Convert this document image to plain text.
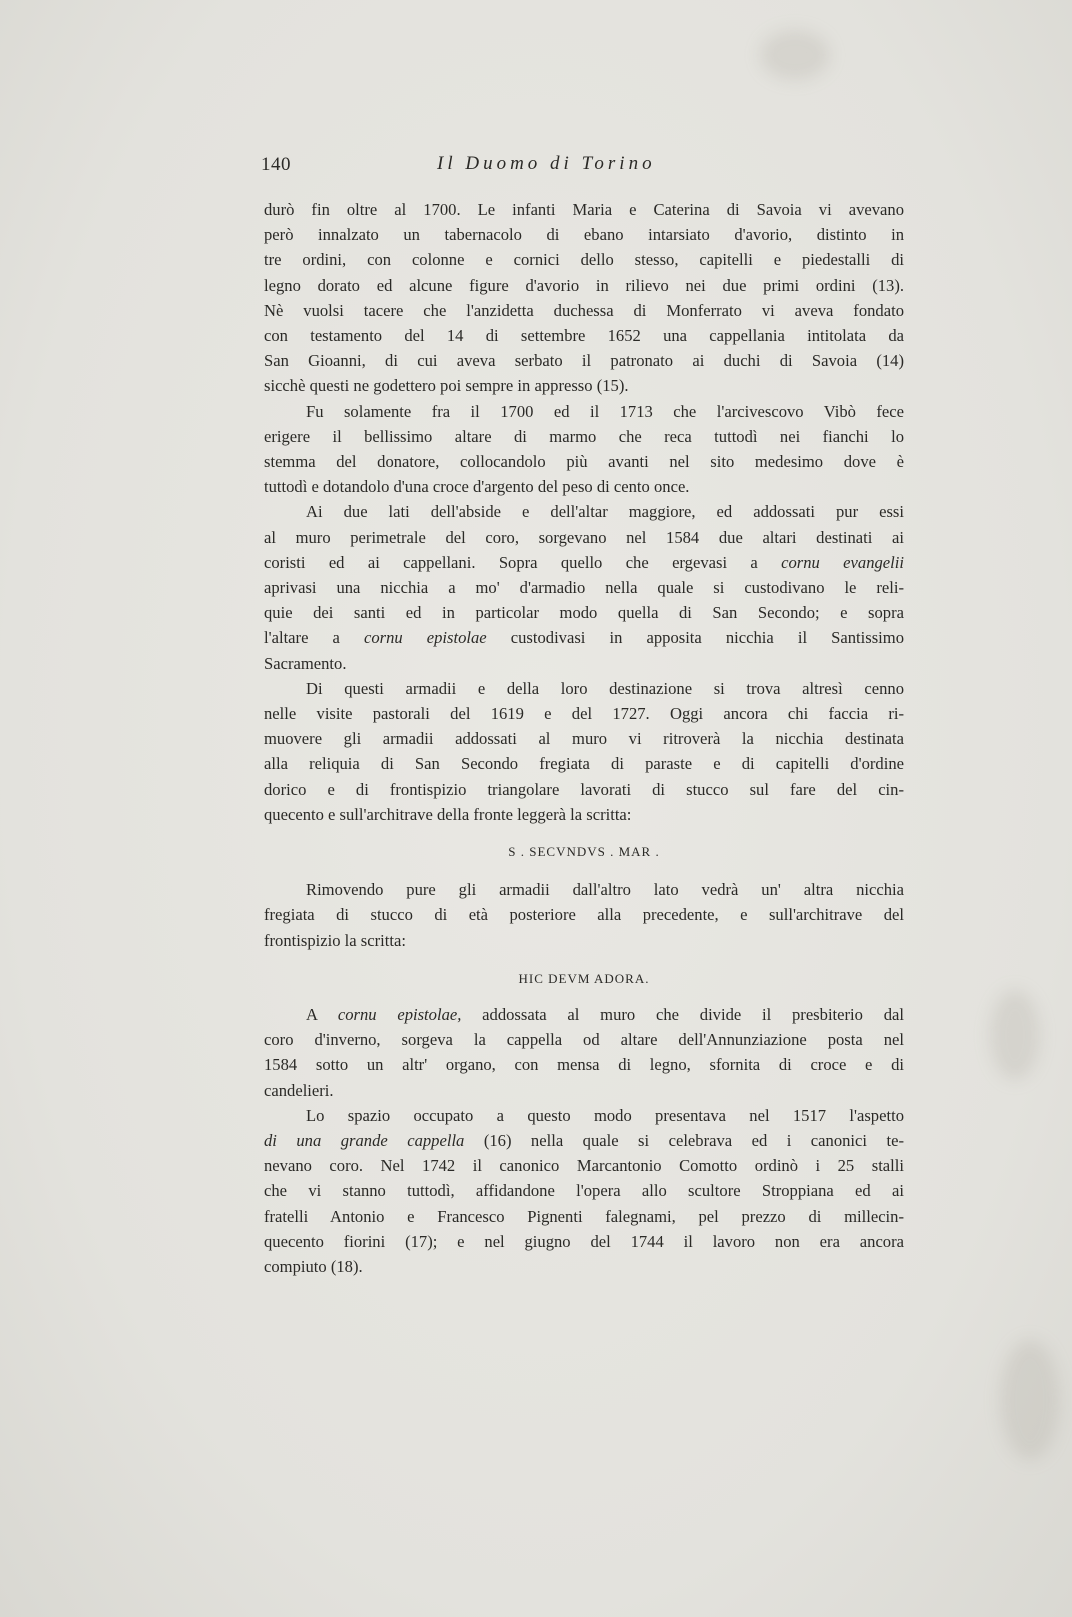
140	Il Duomo di Torino

durò fin oltre al 1700. Le infanti Maria e Caterina di Savoia vi avevano
però innalzato un tabernacolo di ebano intarsiato d'avorio, distinto in
tre ordini, con colonne e cornici dello stesso, capitelli e piedestalli di
legno dorato ed alcune figure d'avorio in rilievo nei due primi ordini (13).
Nè vuolsi tacere che l'anzidetta duchessa di Monferrato vi aveva fondato
con testamento del 14 di settembre 1652 una cappellania intitolata da
San Gioanni, di cui aveva serbato il patronato ai duchi di Savoia (14)
sicchè questi ne godettero poi sempre in appresso (15).

Fu solamente fra il 1700 ed il 1713 che l'arcivescovo Vibò fece
erigere il bellissimo altare di marmo che reca tuttodì nei fianchi lo
stemma del donatore, collocandolo più avanti nel sito medesimo dove è
tuttodì e dotandolo d'una croce d'argento del peso di cento once.

Ai due lati dell'abside e dell'altar maggiore, ed addossati pur essi
al muro perimetrale del coro, sorgevano nel 1584 due altari destinati ai
coristi ed ai cappellani. Sopra quello che ergevasi a cornu evangelii
aprivasi una nicchia a mo' d'armadio nella quale si custodivano le reli-
quie dei santi ed in particolar modo quella di San Secondo; e sopra
l'altare a cornu epistolae custodivasi in apposita nicchia il Santissimo
Sacramento.

Di questi armadii e della loro destinazione si trova altresì cenno
nelle visite pastorali del 1619 e del 1727. Oggi ancora chi faccia ri-
muovere gli armadii addossati al muro vi ritroverà la nicchia destinata
alla reliquia di San Secondo fregiata di paraste e di capitelli d'ordine
dorico e di frontispizio triangolare lavorati di stucco sul fare del cin-
quecento e sull'architrave della fronte leggerà la scritta:

S . SECVNDVS . MAR .

Rimovendo pure gli armadii dall'altro lato vedrà un' altra nicchia
fregiata di stucco di età posteriore alla precedente, e sull'architrave del
frontispizio la scritta:

HIC DEVM ADORA.

A cornu epistolae, addossata al muro che divide il presbiterio dal
coro d'inverno, sorgeva la cappella od altare dell'Annunziazione posta nel
1584 sotto un altr' organo, con mensa di legno, sfornita di croce e di
candelieri.

Lo spazio occupato a questo modo presentava nel 1517 l'aspetto
di una grande cappella (16) nella quale si celebrava ed i canonici te-
nevano coro. Nel 1742 il canonico Marcantonio Comotto ordinò i 25 stalli
che vi stanno tuttodì, affidandone l'opera allo scultore Stroppiana ed ai
fratelli Antonio e Francesco Pignenti falegnami, pel prezzo di millecin-
quecento fiorini (17); e nel giugno del 1744 il lavoro non era ancora
compiuto (18).
